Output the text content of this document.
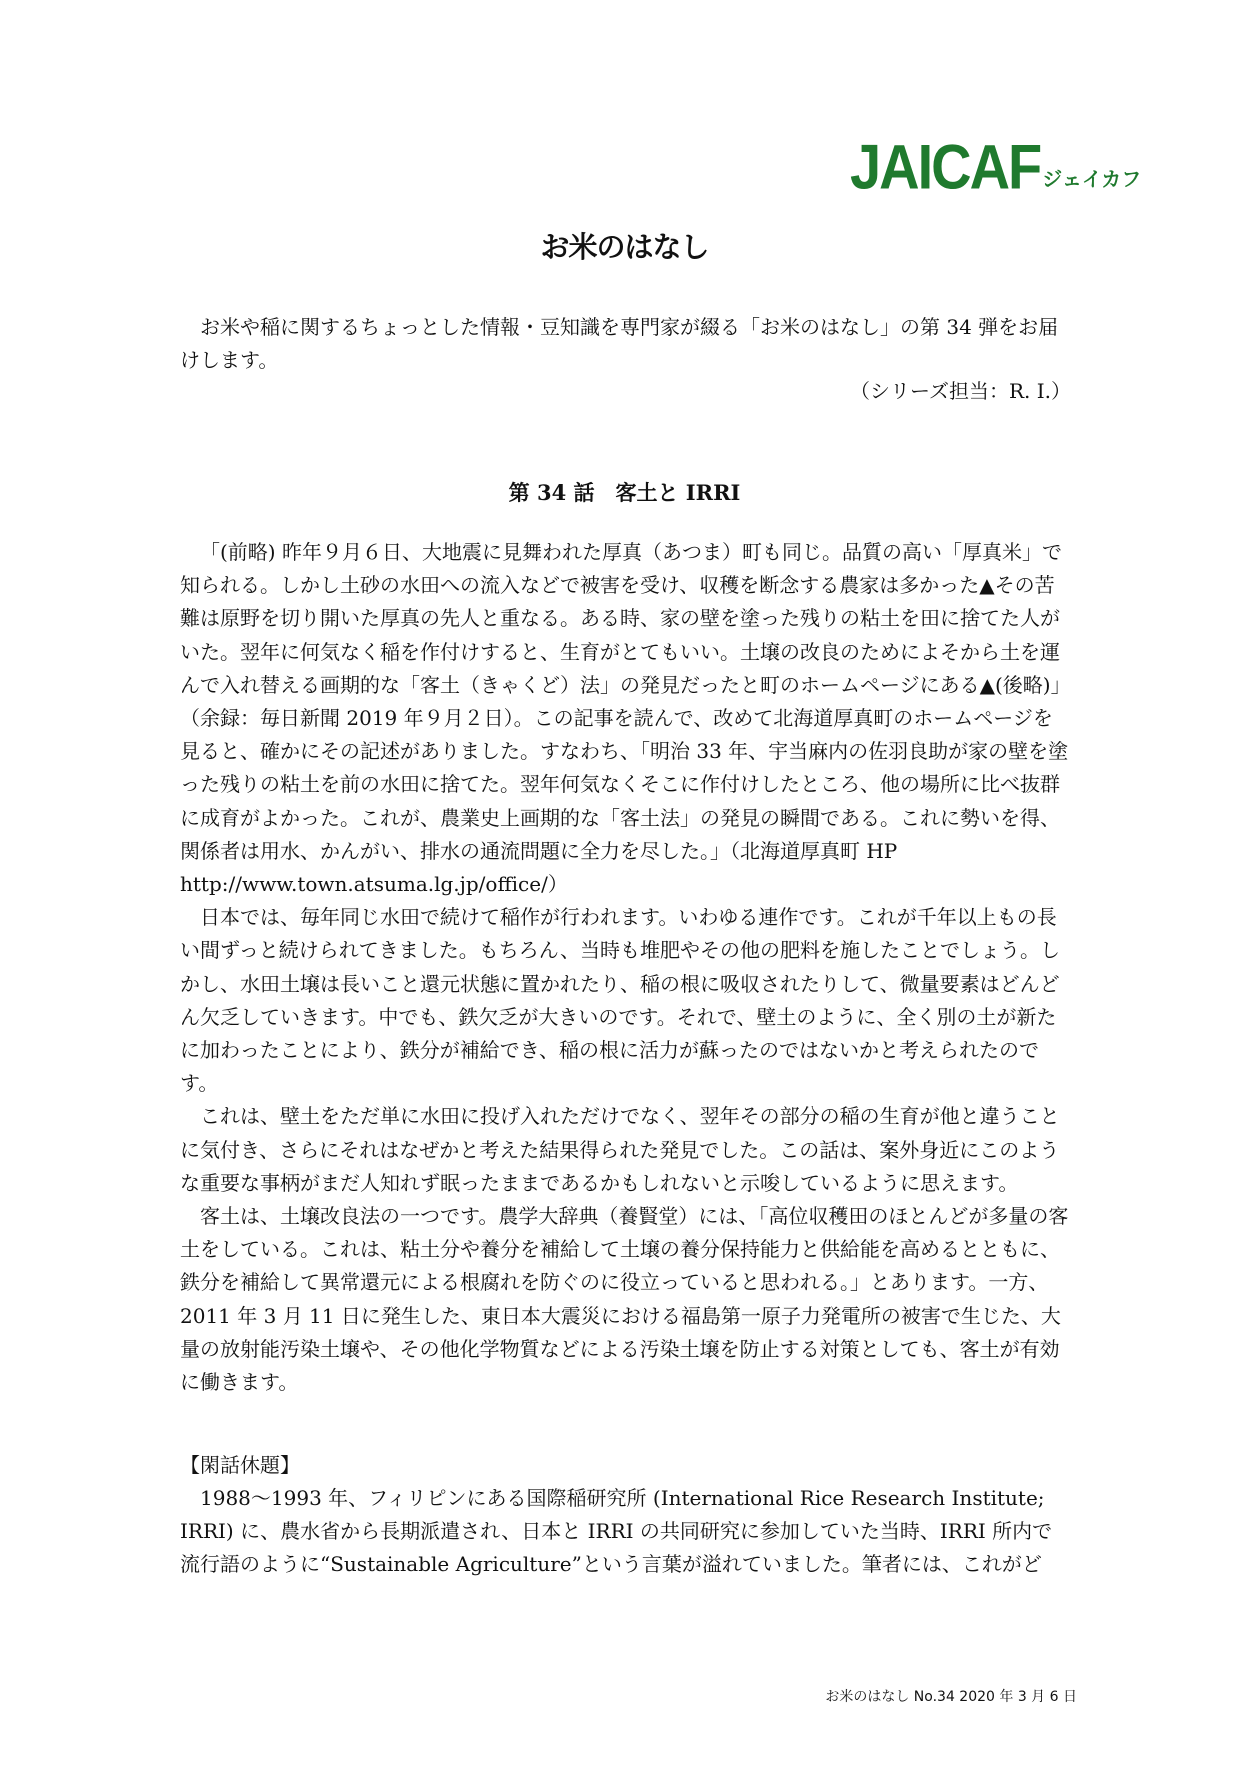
JAICAF ジェイカフ
お米のはなし

お米や稲に関するちょっとした情報・豆知識を専門家が綴る「お米のはなし」の第 34 弾をお届けします。

（シリーズ担当：R. I.）
第 34 話　客土と IRRI

「(前略) 昨年９月６日、大地震に見舞われた厚真（あつま）町も同じ。品質の高い「厚真米」で知られる。しかし土砂の水田への流入などで被害を受け、収穫を断念する農家は多かった▲その苦難は原野を切り開いた厚真の先人と重なる。ある時、家の壁を塗った残りの粘土を田に捨てた人がいた。翌年に何気なく稲を作付けすると、生育がとてもいい。土壌の改良のためによそから土を運んで入れ替える画期的な「客土（きゃくど）法」の発見だったと町のホームページにある▲(後略)」（余録：毎日新聞 2019 年９月２日）。この記事を読んで、改めて北海道厚真町のホームページを見ると、確かにその記述がありました。すなわち、「明治 33 年、宇当麻内の佐羽良助が家の壁を塗った残りの粘土を前の水田に捨てた。翌年何気なくそこに作付けしたところ、他の場所に比べ抜群に成育がよかった。これが、農業史上画期的な「客土法」の発見の瞬間である。これに勢いを得、関係者は用水、かんがい、排水の通流問題に全力を尽した。」（北海道厚真町 HP http://www.town.atsuma.lg.jp/office/）

日本では、毎年同じ水田で続けて稲作が行われます。いわゆる連作です。これが千年以上もの長い間ずっと続けられてきました。もちろん、当時も堆肥やその他の肥料を施したことでしょう。しかし、水田土壌は長いこと還元状態に置かれたり、稲の根に吸収されたりして、微量要素はどんどん欠乏していきます。中でも、鉄欠乏が大きいのです。それで、壁土のように、全く別の土が新たに加わったことにより、鉄分が補給でき、稲の根に活力が蘇ったのではないかと考えられたのです。

これは、壁土をただ単に水田に投げ入れただけでなく、翌年その部分の稲の生育が他と違うことに気付き、さらにそれはなぜかと考えた結果得られた発見でした。この話は、案外身近にこのような重要な事柄がまだ人知れず眠ったままであるかもしれないと示唆しているように思えます。

客土は、土壌改良法の一つです。農学大辞典（養賢堂）には、「高位収穫田のほとんどが多量の客土をしている。これは、粘土分や養分を補給して土壌の養分保持能力と供給能を高めるとともに、鉄分を補給して異常還元による根腐れを防ぐのに役立っていると思われる。」とあります。一方、2011 年 3 月 11 日に発生した、東日本大震災における福島第一原子力発電所の被害で生じた、大量の放射能汚染土壌や、その他化学物質などによる汚染土壌を防止する対策としても、客土が有効に働きます。

【閑話休題】

1988〜1993 年、フィリピンにある国際稲研究所 (International Rice Research Institute; IRRI) に、農水省から長期派遣され、日本と IRRI の共同研究に参加していた当時、IRRI 所内で流行語のように“Sustainable Agriculture”という言葉が溢れていました。筆者には、これがど

お米のはなし No.34 2020 年 3 月 6 日
